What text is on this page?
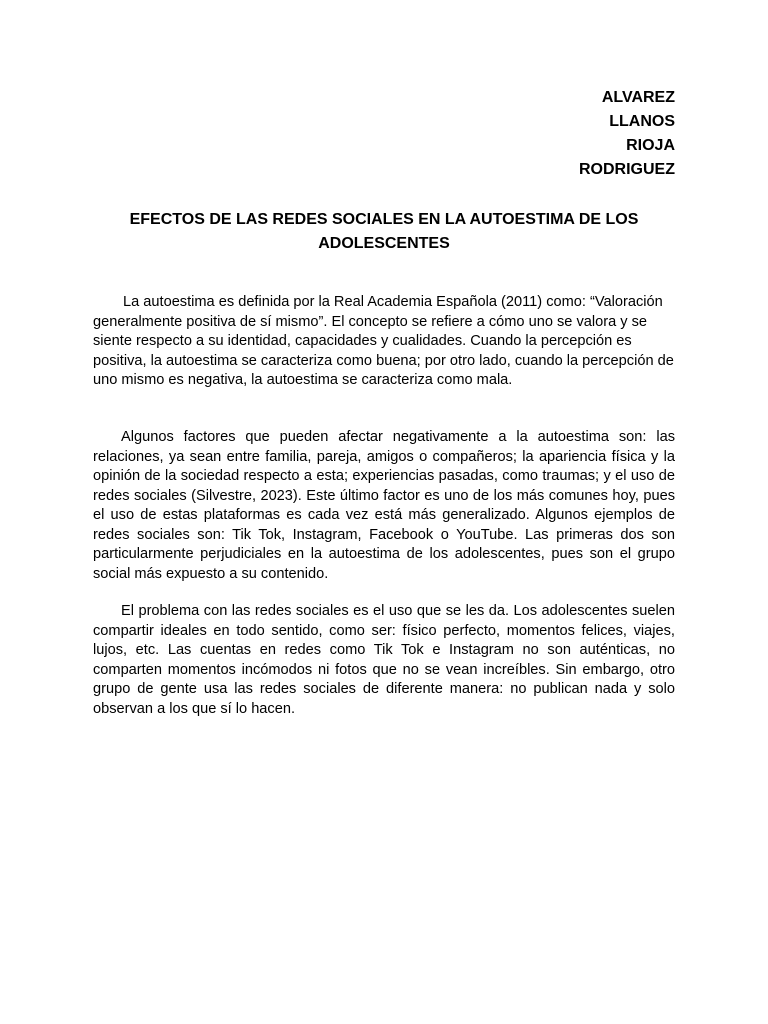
ALVAREZ
LLANOS
RIOJA
RODRIGUEZ
EFECTOS DE LAS REDES SOCIALES EN LA AUTOESTIMA DE LOS ADOLESCENTES

La autoestima es definida por la Real Academia Española (2011) como: “Valoración generalmente positiva de sí mismo”. El concepto se refiere a cómo uno se valora y se siente respecto a su identidad, capacidades y cualidades. Cuando la percepción es positiva, la autoestima se caracteriza como buena; por otro lado, cuando la percepción de uno mismo es negativa, la autoestima se caracteriza como mala.

Algunos factores que pueden afectar negativamente a la autoestima son: las relaciones, ya sean entre familia, pareja, amigos o compañeros; la apariencia física y la opinión de la sociedad respecto a esta; experiencias pasadas, como traumas; y el uso de redes sociales (Silvestre, 2023). Este último factor es uno de los más comunes hoy, pues el uso de estas plataformas es cada vez está más generalizado. Algunos ejemplos de redes sociales son: Tik Tok, Instagram, Facebook o YouTube. Las primeras dos son particularmente perjudiciales en la autoestima de los adolescentes, pues son el grupo social más expuesto a su contenido.

El problema con las redes sociales es el uso que se les da. Los adolescentes suelen compartir ideales en todo sentido, como ser: físico perfecto, momentos felices, viajes, lujos, etc. Las cuentas en redes como Tik Tok e Instagram no son auténticas, no comparten momentos incómodos ni fotos que no se vean increíbles. Sin embargo, otro grupo de gente usa las redes sociales de diferente manera: no publican nada y solo observan a los que sí lo hacen.
